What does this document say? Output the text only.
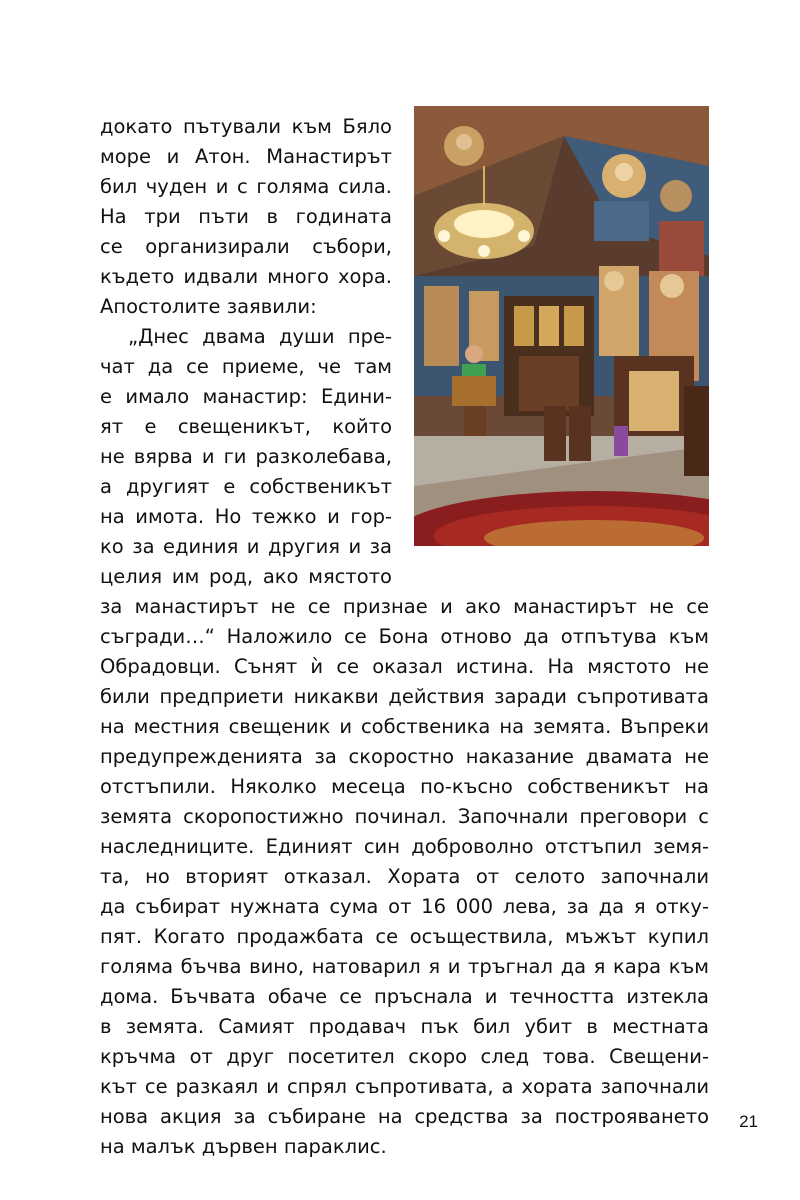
докато пътували към Бяло

море и Атон. Манастирът

бил чуден и с голяма сила.

На три пъти в годината

се организирали събори,

където идвали много хора.

Апостолите заявили:

„Днес двама души пре-

чат да се приеме, че там

е имало манастир: Едини-

ят е свещеникът, който

не вярва и ги разколебава,

а другият е собственикът

на имота. Но тежко и гор-

ко за единия и другия и за

целия им род, ако мястото

за манастирът не се признае и ако манастирът не се

съгради…“ Наложило се Бона отново да отпътува към

Обрадовци. Сънят ѝ се оказал истина. На мястото не

били предприети никакви действия заради съпротивата

на местния свещеник и собственика на земята. Въпреки

предупрежденията за скоростно наказание двамата не

отстъпили. Няколко месеца по-късно собственикът на

земята скоропостижно починал. Започнали преговори с

наследниците. Единият син доброволно отстъпил земя-

та, но вторият отказал. Хората от селото започнали

да събират нужната сума от 16 000 лева, за да я отку-

пят. Когато продажбата се осъществила, мъжът купил

голяма бъчва вино, натоварил я и тръгнал да я кара към

дома. Бъчвата обаче се пръснала и течността изтекла

в земята. Самият продавач пък бил убит в местната

кръчма от друг посетител скоро след това. Свещени-

кът се разкаял и спрял съпротивата, а хората започнали

нова акция за събиране на средства за построяването

на малък дървен параклис.

21
